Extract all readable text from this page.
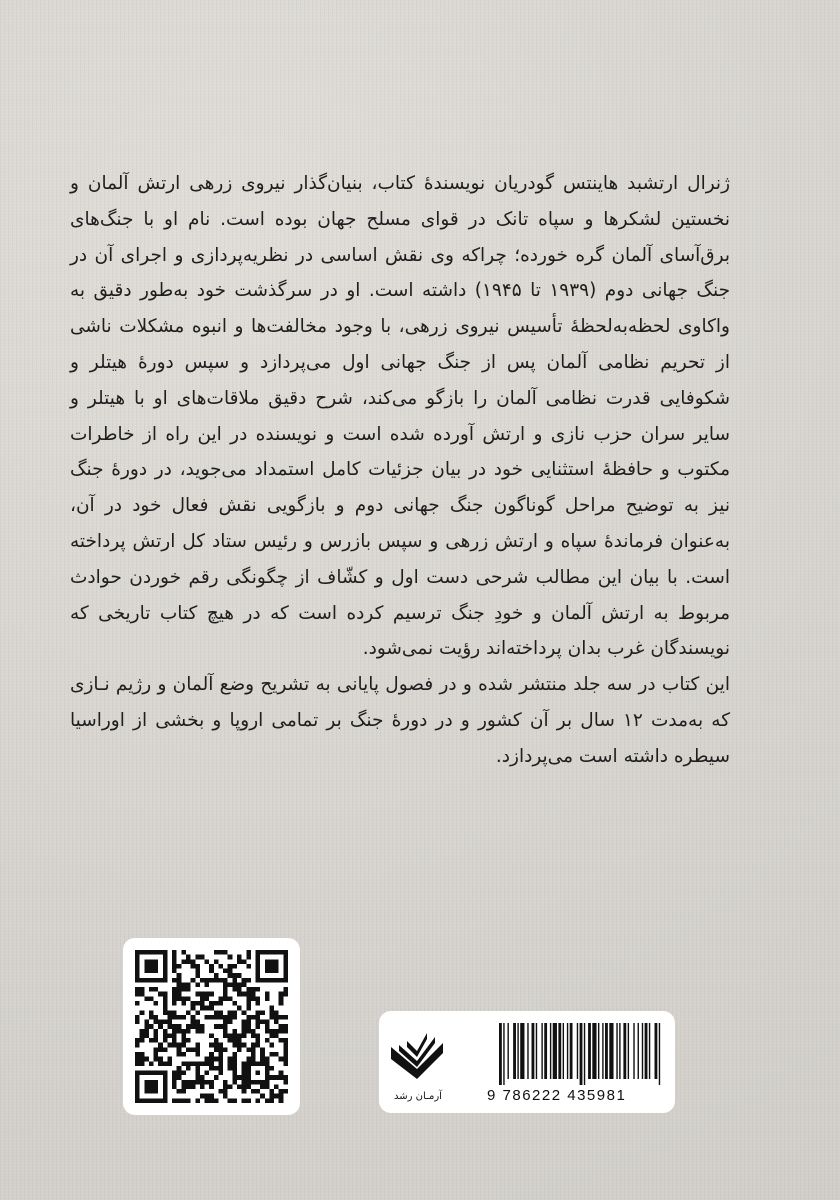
ژنرال ارتشبد هاینتس گودریان نویسندهٔ کتاب، بنیان‌گذار نیروی زرهی ارتش آلمان و نخستین لشکرها و سپاه تانک در قوای مسلح جهان بوده است. نام او با جنگ‌های برق‌آسای آلمان گره خورده؛ چراکه وی نقش اساسی در نظریه‌پردازی و اجرای آن در جنگ جهانی دوم (۱۹۳۹ تا ۱۹۴۵) داشته است. او در سرگذشت خود به‌طور دقیق به واکاوی لحظه‌به‌لحظهٔ تأسیس نیروی زرهی، با وجود مخالفت‌ها و انبوه مشکلات ناشی از تحریم نظامی آلمان پس از جنگ جهانی اول می‌پردازد و سپس دورهٔ هیتلر و شکوفایی قدرت نظامی آلمان را بازگو می‌کند، شرح دقیق ملاقات‌های او با هیتلر و سایر سران حزب نازی و ارتش آورده شده است و نویسنده در این راه از خاطرات مکتوب و حافظهٔ استثنایی خود در بیان جزئیات کامل استمداد می‌جوید، در دورهٔ جنگ نیز به توضیح مراحل گوناگون جنگ جهانی دوم و بازگویی نقش فعال خود در آن، به‌عنوان فرماندهٔ سپاه و ارتش زرهی و سپس بازرس و رئیس ستاد کل ارتش پرداخته است. با بیان این مطالب شرحی دست اول و کشّاف از چگونگی رقم خوردن حوادث مربوط به ارتش آلمان و خودِ جنگ ترسیم کرده است که در هیچ کتاب تاریخی که نویسندگان غرب بدان پرداخته‌اند رؤیت نمی‌شود.

این کتاب در سه جلد منتشر شده و در فصول پایانی به تشریح وضع آلمان و رژیم نـازی که به‌مدت ۱۲ سال بر آن کشور و در دورهٔ جنگ بر تمامی اروپا و بخشی از اوراسیا سیطره داشته است می‌پردازد.

آرمـان رشد	9 786222 435981
